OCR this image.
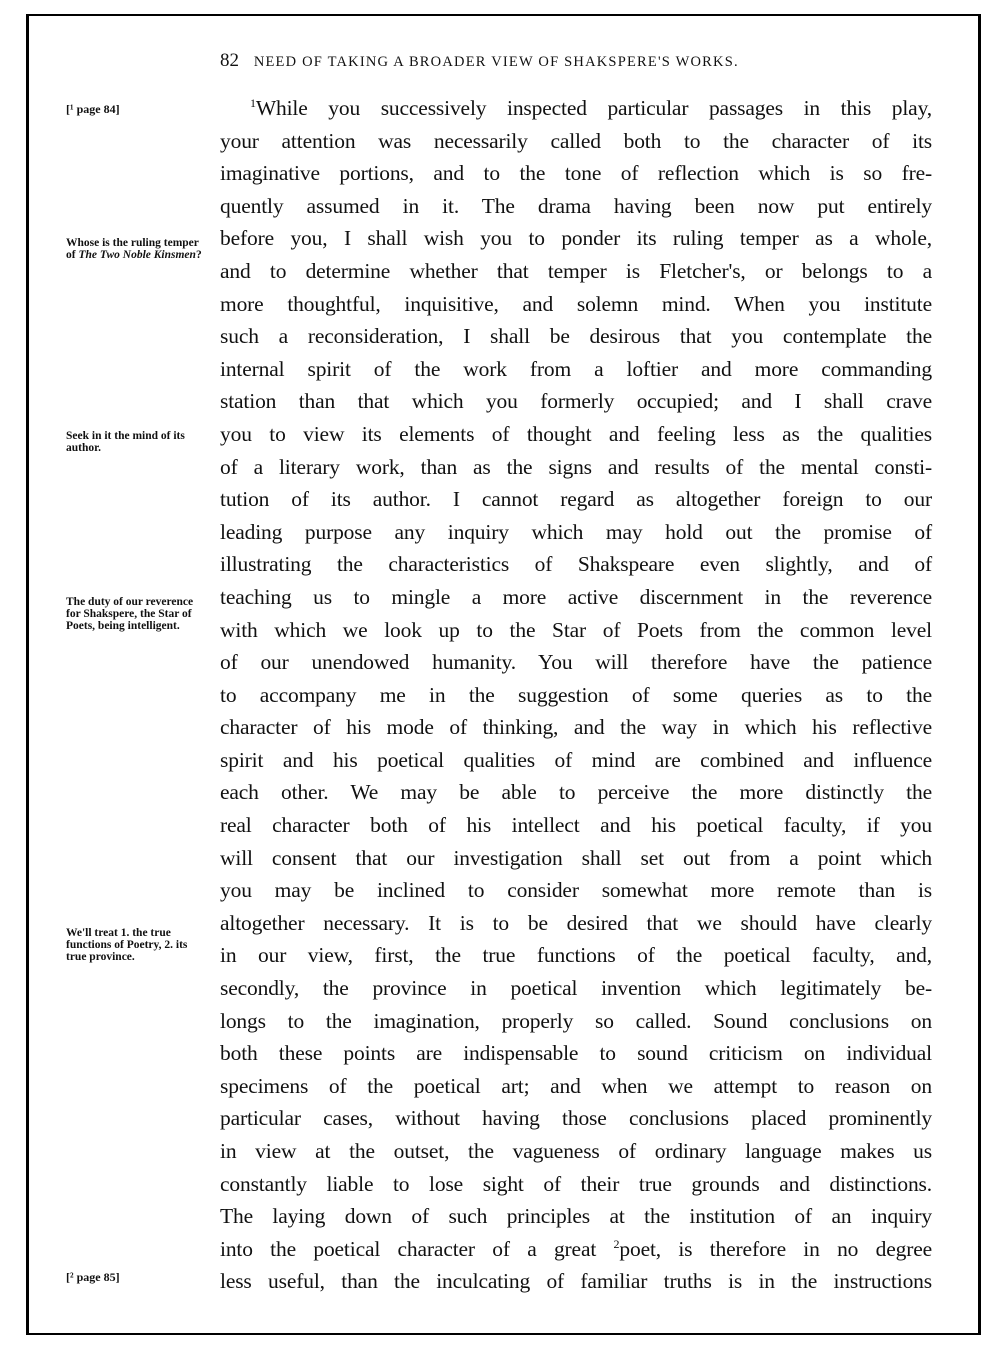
82 NEED OF TAKING A BROADER VIEW OF SHAKSPERE'S WORKS.
[¹ page 84]
[² page 85]
Whose is the ruling temper of The Two Noble Kinsmen?
Seek in it the mind of its author.
The duty of our reverence for Shakspere, the Star of Poets, being intelligent.
We'll treat 1. the true functions of Poetry, 2. its true province.
$^1$While you successively inspected particular passages in this play,
your attention was necessarily called both to the character of its
imaginative portions, and to the tone of reflection which is so fre-
quently assumed in it. The drama having been now put entirely
before you, I shall wish you to ponder its ruling temper as a whole,
and to determine whether that temper is Fletcher's, or belongs to a
more thoughtful, inquisitive, and solemn mind. When you institute
such a reconsideration, I shall be desirous that you contemplate the
internal spirit of the work from a loftier and more commanding
station than that which you formerly occupied; and I shall crave
you to view its elements of thought and feeling less as the qualities
of a literary work, than as the signs and results of the mental consti-
tution of its author. I cannot regard as altogether foreign to our
leading purpose any inquiry which may hold out the promise of
illustrating the characteristics of Shakspeare even slightly, and of
teaching us to mingle a more active discernment in the reverence
with which we look up to the Star of Poets from the common level
of our unendowed humanity. You will therefore have the patience
to accompany me in the suggestion of some queries as to the
character of his mode of thinking, and the way in which his reflective
spirit and his poetical qualities of mind are combined and influence
each other. We may be able to perceive the more distinctly the
real character both of his intellect and his poetical faculty, if you
will consent that our investigation shall set out from a point which
you may be inclined to consider somewhat more remote than is
altogether necessary. It is to be desired that we should have clearly
in our view, first, the true functions of the poetical faculty, and,
secondly, the province in poetical invention which legitimately be-
longs to the imagination, properly so called. Sound conclusions on
both these points are indispensable to sound criticism on individual
specimens of the poetical art; and when we attempt to reason on
particular cases, without having those conclusions placed prominently
in view at the outset, the vagueness of ordinary language makes us
constantly liable to lose sight of their true grounds and distinctions.
The laying down of such principles at the institution of an inquiry
into the poetical character of a great $^2$poet, is therefore in no degree
less useful, than the inculcating of familiar truths is in the instructions
